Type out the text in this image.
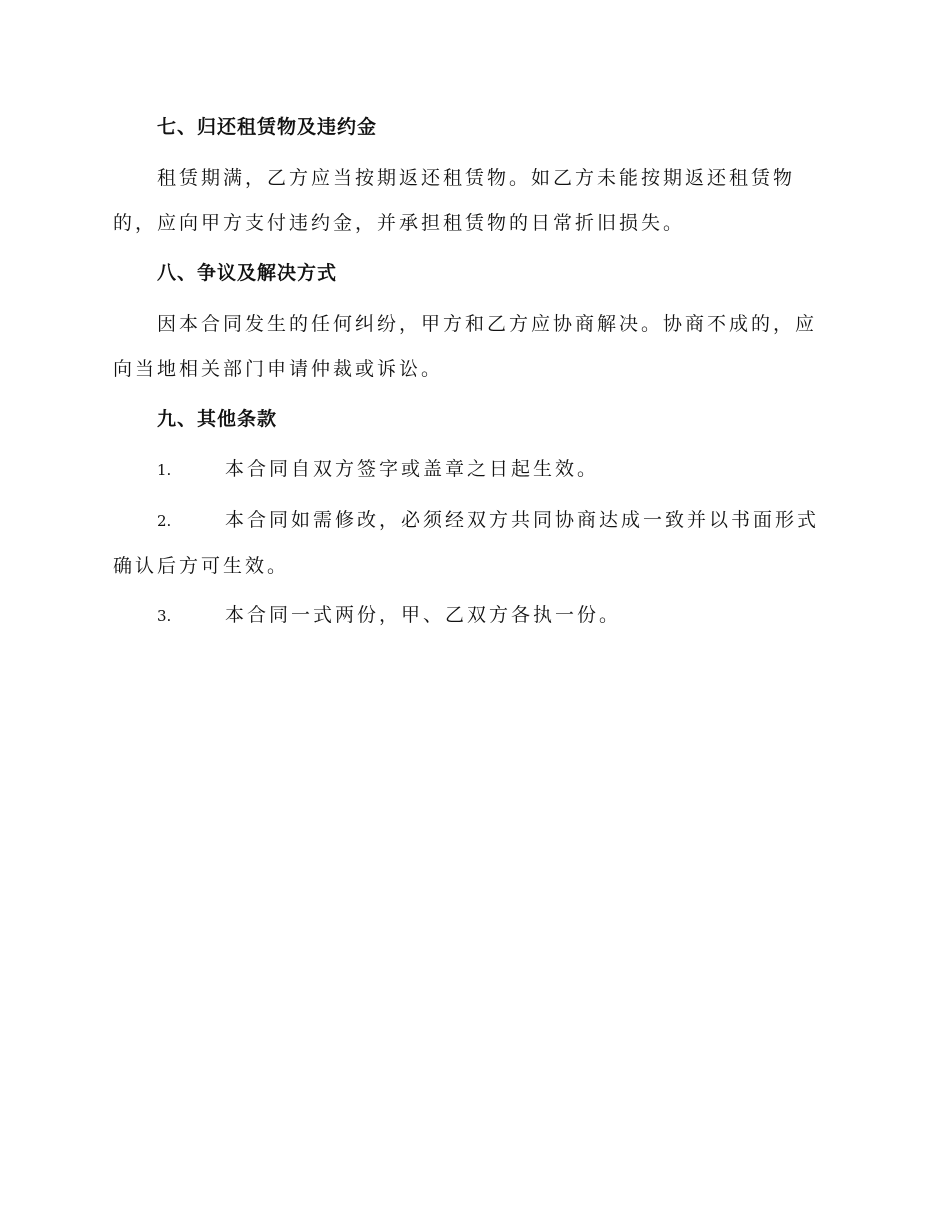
七、归还租赁物及违约金

租赁期满，乙方应当按期返还租赁物。如乙方未能按期返还租赁物的，应向甲方支付违约金，并承担租赁物的日常折旧损失。

八、争议及解决方式

因本合同发生的任何纠纷，甲方和乙方应协商解决。协商不成的，应向当地相关部门申请仲裁或诉讼。

九、其他条款

1.	本合同自双方签字或盖章之日起生效。

2.	本合同如需修改，必须经双方共同协商达成一致并以书面形式确认后方可生效。

3.	本合同一式两份，甲、乙双方各执一份。
